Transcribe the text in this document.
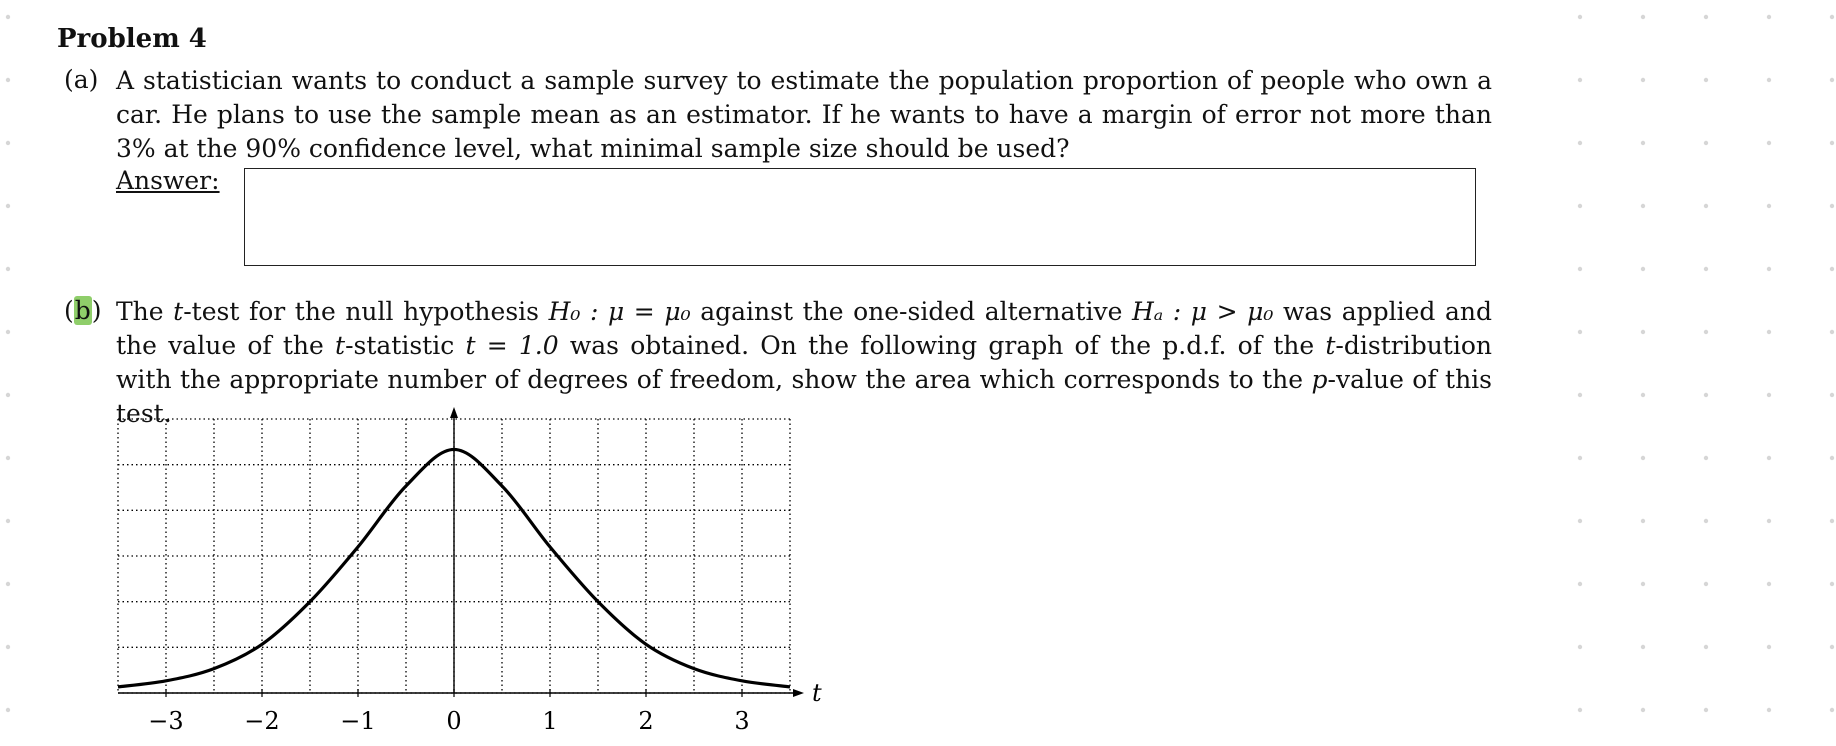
Problem 4
(a) A statistician wants to conduct a sample survey to estimate the population proportion of people who own a car. He plans to use the sample mean as an estimator. If he wants to have a margin of error not more than 3% at the 90% confidence level, what minimal sample size should be used?

Answer:
(b) The t-test for the null hypothesis H₀ : μ = μ₀ against the one-sided alternative Hₐ : μ > μ₀ was applied and the value of the t-statistic t = 1.0 was obtained. On the following graph of the p.d.f. of the t-distribution with the appropriate number of degrees of freedom, show the area which corresponds to the p-value of this test.

t
−3	−2	−1	0	1	2	3
